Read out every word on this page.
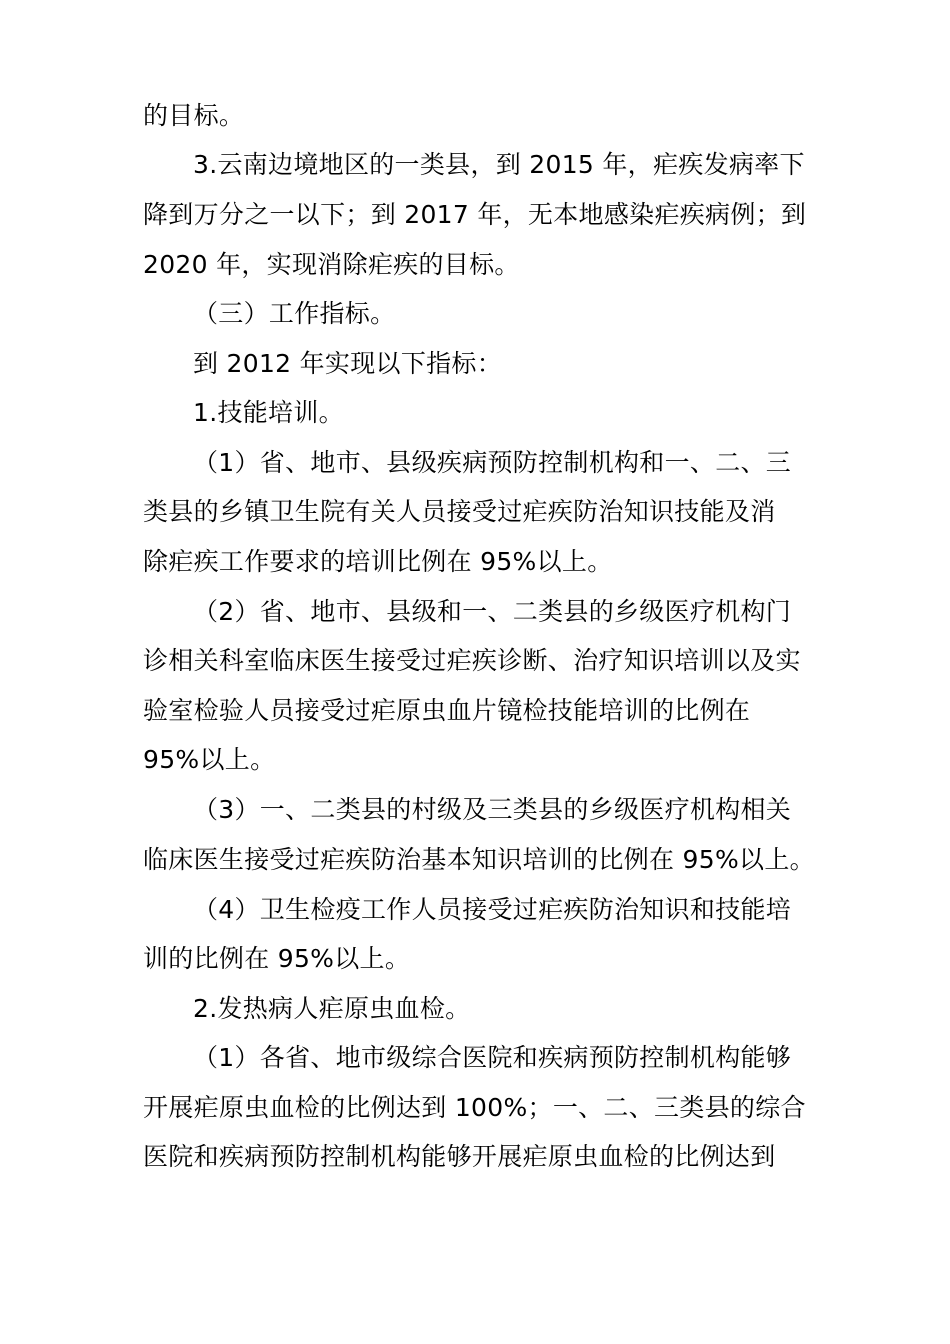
的目标。
3.云南边境地区的一类县，到 2015 年，疟疾发病率下
降到万分之一以下；到 2017 年，无本地感染疟疾病例；到
2020 年，实现消除疟疾的目标。
（三）工作指标。
到 2012 年实现以下指标：
1.技能培训。
（1）省、地市、县级疾病预防控制机构和一、二、三
类县的乡镇卫生院有关人员接受过疟疾防治知识技能及消
除疟疾工作要求的培训比例在 95%以上。
（2）省、地市、县级和一、二类县的乡级医疗机构门
诊相关科室临床医生接受过疟疾诊断、治疗知识培训以及实
验室检验人员接受过疟原虫血片镜检技能培训的比例在
95%以上。
（3）一、二类县的村级及三类县的乡级医疗机构相关
临床医生接受过疟疾防治基本知识培训的比例在 95%以上。
（4）卫生检疫工作人员接受过疟疾防治知识和技能培
训的比例在 95%以上。
2.发热病人疟原虫血检。
（1）各省、地市级综合医院和疾病预防控制机构能够
开展疟原虫血检的比例达到 100%；一、二、三类县的综合
医院和疾病预防控制机构能够开展疟原虫血检的比例达到
